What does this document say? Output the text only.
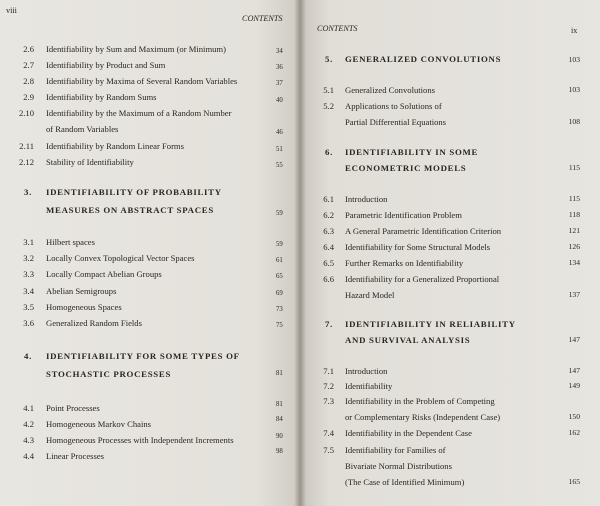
viii
CONTENTS
2.6 Identifiability by Sum and Maximum (or Minimum)	34
2.7 Identifiability by Product and Sum	36
2.8 Identifiability by Maxima of Several Random Variables	37
2.9 Identifiability by Random Sums	40
2.10 Identifiability by the Maximum of a Random Number
of Random Variables	46
2.11 Identifiability by Random Linear Forms	51
2.12 Stability of Identifiability	55
3. IDENTIFIABILITY OF PROBABILITY
MEASURES ON ABSTRACT SPACES	59
3.1 Hilbert spaces	59
3.2 Locally Convex Topological Vector Spaces	61
3.3 Locally Compact Abelian Groups	65
3.4 Abelian Semigroups	69
3.5 Homogeneous Spaces	73
3.6 Generalized Random Fields	75
4. IDENTIFIABILITY FOR SOME TYPES OF
STOCHASTIC PROCESSES	81
4.1 Point Processes	81
4.2 Homogeneous Markov Chains	84
4.3 Homogeneous Processes with Independent Increments	90
4.4 Linear Processes	98
CONTENTS	ix
5. GENERALIZED CONVOLUTIONS	103
5.1 Generalized Convolutions	103
5.2 Applications to Solutions of
Partial Differential Equations	108
6. IDENTIFIABILITY IN SOME
ECONOMETRIC MODELS	115
6.1 Introduction	115
6.2 Parametric Identification Problem	118
6.3 A General Parametric Identification Criterion	121
6.4 Identifiability for Some Structural Models	126
6.5 Further Remarks on Identifiability	134
6.6 Identifiability for a Generalized Proportional
Hazard Model	137
7. IDENTIFIABILITY IN RELIABILITY
AND SURVIVAL ANALYSIS	147
7.1 Introduction	147
7.2 Identifiability	149
7.3 Identifiability in the Problem of Competing
or Complementary Risks (Independent Case)	150
7.4 Identifiability in the Dependent Case	162
7.5 Identifiability for Families of
Bivariate Normal Distributions
(The Case of Identified Minimum)	165
